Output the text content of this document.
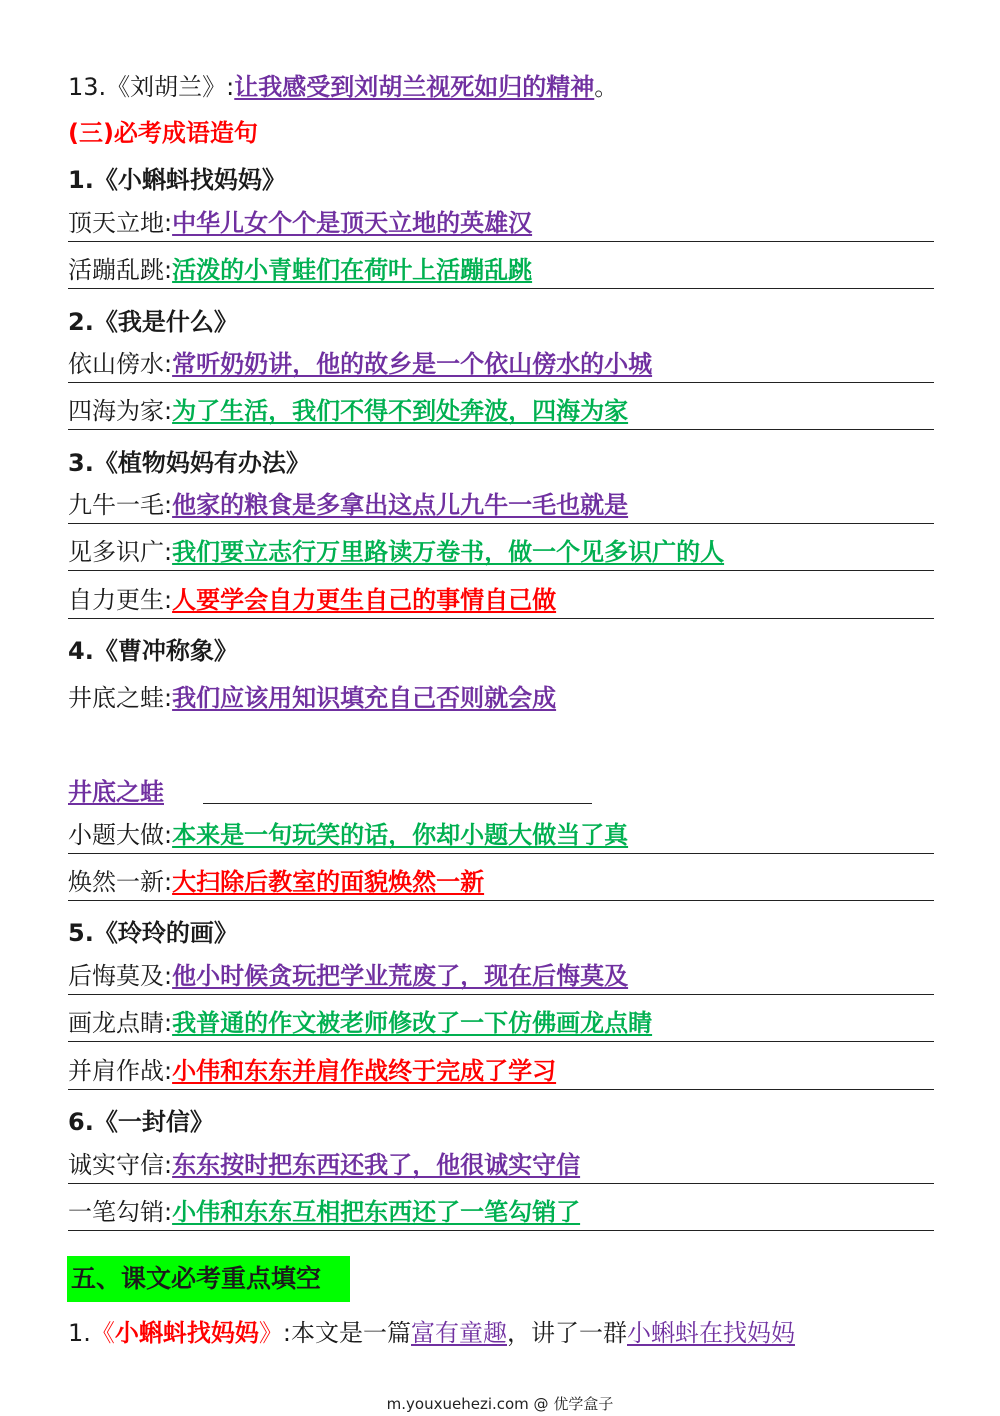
13.《刘胡兰》:让我感受到刘胡兰视死如归的精神。
(三)必考成语造句
1.《小蝌蚪找妈妈》
顶天立地:中华儿女个个是顶天立地的英雄汉
活蹦乱跳:活泼的小青蛙们在荷叶上活蹦乱跳
2.《我是什么》
依山傍水:常听奶奶讲，他的故乡是一个依山傍水的小城
四海为家:为了生活，我们不得不到处奔波，四海为家
3.《植物妈妈有办法》
九牛一毛:他家的粮食是多拿出这点儿九牛一毛也就是
见多识广:我们要立志行万里路读万卷书，做一个见多识广的人
自力更生:人要学会自力更生自己的事情自己做
4.《曹冲称象》
井底之蛙:我们应该用知识填充自己否则就会成
井底之蛙
小题大做:本来是一句玩笑的话，你却小题大做当了真
焕然一新:大扫除后教室的面貌焕然一新
5.《玲玲的画》
后悔莫及:他小时候贪玩把学业荒废了，现在后悔莫及
画龙点睛:我普通的作文被老师修改了一下仿佛画龙点睛
并肩作战:小伟和东东并肩作战终于完成了学习
6.《一封信》
诚实守信:东东按时把东西还我了，他很诚实守信
一笔勾销:小伟和东东互相把东西还了一笔勾销了
五、课文必考重点填空
1.《小蝌蚪找妈妈》:本文是一篇富有童趣，讲了一群小蝌蚪在找妈妈
m.youxuehezi.com @ 优学盒子
